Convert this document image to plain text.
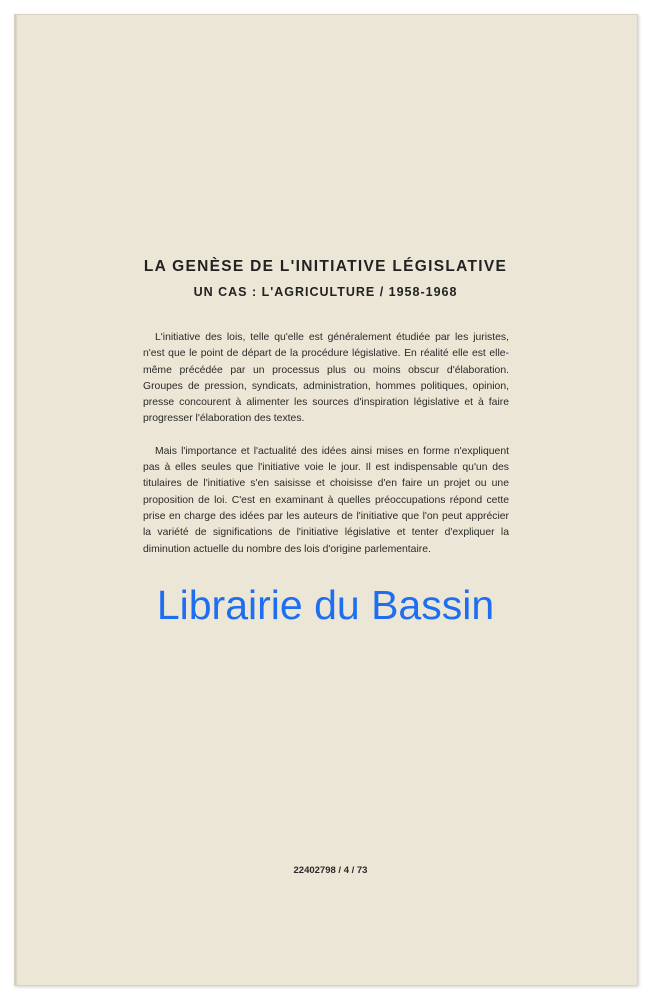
LA GENÈSE DE L'INITIATIVE LÉGISLATIVE
UN CAS : L'AGRICULTURE / 1958-1968

L'initiative des lois, telle qu'elle est généralement étudiée par les juristes, n'est que le point de départ de la procédure législative. En réalité elle est elle-même précédée par un processus plus ou moins obscur d'élaboration. Groupes de pression, syndicats, administration, hommes politiques, opinion, presse concourent à alimenter les sources d'inspiration législative et à faire progresser l'élaboration des textes.

Mais l'importance et l'actualité des idées ainsi mises en forme n'expliquent pas à elles seules que l'initiative voie le jour. Il est indispensable qu'un des titulaires de l'initiative s'en saisisse et choisisse d'en faire un projet ou une proposition de loi. C'est en examinant à quelles préoccupations répond cette prise en charge des idées par les auteurs de l'initiative que l'on peut apprécier la variété de significations de l'initiative législative et tenter d'expliquer la diminution actuelle du nombre des lois d'origine parlementaire.

Librairie du Bassin
22402798 / 4 / 73
